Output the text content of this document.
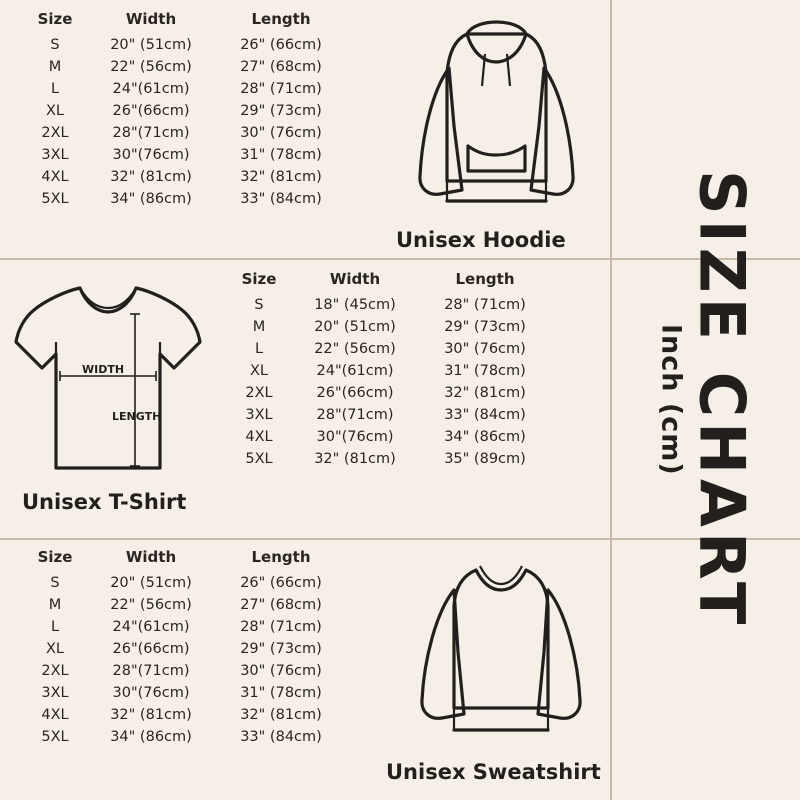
Size	Width	Length
S	20" (51cm)	26" (66cm)
M	22" (56cm)	27" (68cm)
L	24"(61cm)	28" (71cm)
XL	26"(66cm)	29" (73cm)
2XL	28"(71cm)	30" (76cm)
3XL	30"(76cm)	31" (78cm)
4XL	32" (81cm)	32" (81cm)
5XL	34" (86cm)	33" (84cm)
Unisex Hoodie
WIDTH
LENGTH
Unisex T-Shirt
Size	Width	Length
S	18" (45cm)	28" (71cm)
M	20" (51cm)	29" (73cm)
L	22" (56cm)	30" (76cm)
XL	24"(61cm)	31" (78cm)
2XL	26"(66cm)	32" (81cm)
3XL	28"(71cm)	33" (84cm)
4XL	30"(76cm)	34" (86cm)
5XL	32" (81cm)	35" (89cm)
Size	Width	Length
S	20" (51cm)	26" (66cm)
M	22" (56cm)	27" (68cm)
L	24"(61cm)	28" (71cm)
XL	26"(66cm)	29" (73cm)
2XL	28"(71cm)	30" (76cm)
3XL	30"(76cm)	31" (78cm)
4XL	32" (81cm)	32" (81cm)
5XL	34" (86cm)	33" (84cm)
Unisex Sweatshirt
Inch (cm) SIZE CHART
